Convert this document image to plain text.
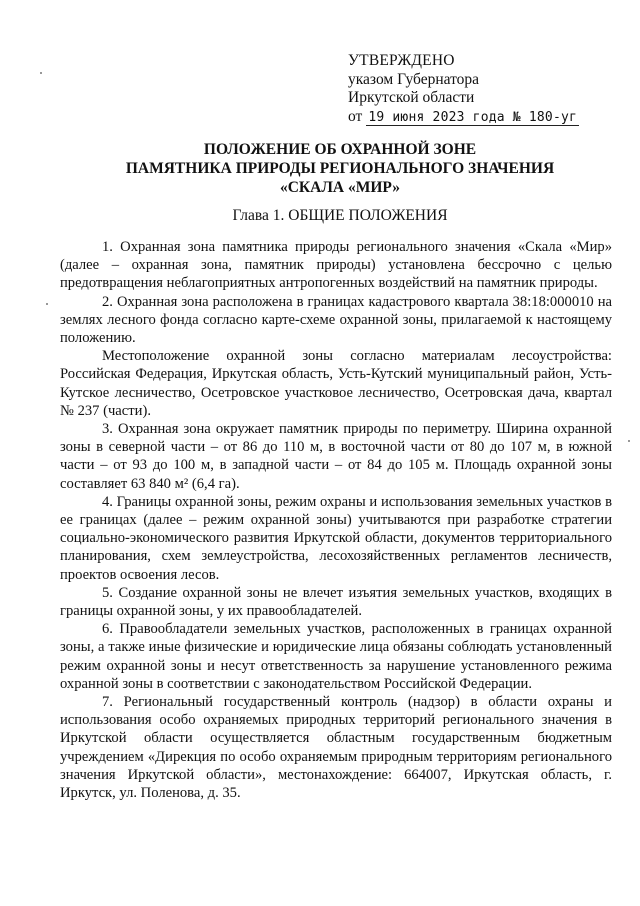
УТВЕРЖДЕНО
указом Губернатора
Иркутской области
от 19 июня 2023 года № 180-уг
ПОЛОЖЕНИЕ ОБ ОХРАННОЙ ЗОНЕ
ПАМЯТНИКА ПРИРОДЫ РЕГИОНАЛЬНОГО ЗНАЧЕНИЯ
«СКАЛА «МИР»
Глава 1. ОБЩИЕ ПОЛОЖЕНИЯ

1. Охранная зона памятника природы регионального значения «Скала «Мир» (далее – охранная зона, памятник природы) установлена бессрочно с целью предотвращения неблагоприятных антропогенных воздействий на памятник природы.

2. Охранная зона расположена в границах кадастрового квартала 38:18:000010 на землях лесного фонда согласно карте-схеме охранной зоны, прилагаемой к настоящему положению.

Местоположение охранной зоны согласно материалам лесоустройства: Российская Федерация, Иркутская область, Усть-Кутский муниципальный район, Усть-Кутское лесничество, Осетровское участковое лесничество, Осетровская дача, квартал № 237 (части).

3. Охранная зона окружает памятник природы по периметру. Ширина охранной зоны в северной части – от 86 до 110 м, в восточной части от 80 до 107 м, в южной части – от 93 до 100 м, в западной части – от 84 до 105 м. Площадь охранной зоны составляет 63 840 м² (6,4 га).

4. Границы охранной зоны, режим охраны и использования земельных участков в ее границах (далее – режим охранной зоны) учитываются при разработке стратегии социально-экономического развития Иркутской области, документов территориального планирования, схем землеустройства, лесохозяйственных регламентов лесничеств, проектов освоения лесов.

5. Создание охранной зоны не влечет изъятия земельных участков, входящих в границы охранной зоны, у их правообладателей.

6. Правообладатели земельных участков, расположенных в границах охранной зоны, а также иные физические и юридические лица обязаны соблюдать установленный режим охранной зоны и несут ответственность за нарушение установленного режима охранной зоны в соответствии с законодательством Российской Федерации.

7. Региональный государственный контроль (надзор) в области охраны и использования особо охраняемых природных территорий регионального значения в Иркутской области осуществляется областным государственным бюджетным учреждением «Дирекция по особо охраняемым природным территориям регионального значения Иркутской области», местонахождение: 664007, Иркутская область, г. Иркутск, ул. Поленова, д. 35.
